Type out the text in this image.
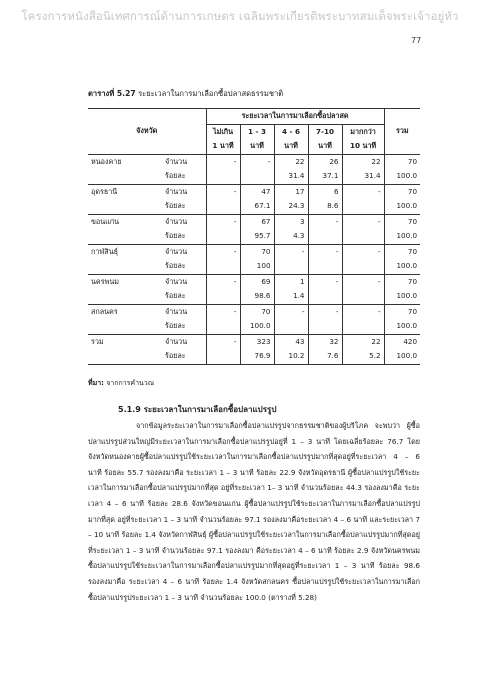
โครงการหนังสือนิเทศการณ์ด้านการเกษตร เฉลิมพระเกียรติพระบาทสมเด็จพระเจ้าอยู่หัว
77
ตารางที่ 5.27 ระยะเวลาในการมาเลือกซื้อปลาสดธรรมชาติ
จังหวัด		ระยะเวลาในการมาเลือกซื้อปลาสด					รวม
		ไม่เกิน	1 - 3	4 - 6	7-10	มากกว่า	
		1 นาที	นาที	นาที	นาที	10 นาที	
หนองคาย	จำนวน	-	-	22	26	22	70
	ร้อยละ			31.4	37.1	31.4	100.0
อุดรธานี	จำนวน	-	47	17	6	-	70
	ร้อยละ		67.1	24.3	8.6		100.0
ขอนแก่น	จำนวน	-	67	3	-	-	70
	ร้อยละ		95.7	4.3			100.0
กาฬสินธุ์	จำนวน	-	70	-	-	-	70
	ร้อยละ		100				100.0
นครพนม	จำนวน	-	69	1	-	-	70
	ร้อยละ		98.6	1.4			100.0
สกลนคร	จำนวน	-	70	-	-	-	70
	ร้อยละ		100.0				100.0
รวม	จำนวน	-	323	43	32	22	420
	ร้อยละ		76.9	10.2	7.6	5.2	100.0
ที่มา: จากการคำนวณ
5.1.9 ระยะเวลาในการมาเลือกซื้อปลาแปรรูป
จากข้อมูลระยะเวลาในการมาเลือกซื้อปลาแปรรูปจากธรรมชาติของผู้บริโภค จะพบว่า ผู้ซื้อปลาแปรรูปส่วนใหญ่มีระยะเวลาในการมาเลือกซื้อปลาแปรรูปอยู่ที่ 1 – 3 นาที โดยเฉลี่ยร้อยละ 76.7 โดยจังหวัดหนองคายผู้ซื้อปลาแปรรูปใช้ระยะเวลาในการมาเลือกซื้อปลาแปรรูปมากที่สุดอยู่ที่ระยะเวลา 4 – 6 นาที ร้อยละ 55.7 รองลงมาคือ ระยะเวลา 1 – 3 นาที ร้อยละ 22.9 จังหวัดอุดรธานี ผู้ซื้อปลาแปรรูปใช้ระยะเวลาในการมาเลือกซื้อปลาแปรรูปมากที่สุด อยู่ที่ระยะเวลา 1– 3 นาที จำนวนร้อยละ 44.3 รองลงมาคือ ระยะเวลา 4 – 6 นาที ร้อยละ 28.6 จังหวัดขอนแก่น ผู้ซื้อปลาแปรรูปใช้ระยะเวลาในการมาเลือกซื้อปลาแปรรูปมากที่สุด อยู่ที่ระยะเวลา 1 – 3 นาที จำนวนร้อยละ 97.1 รองลงมาคือระยะเวลา 4 – 6 นาที และระยะเวลา 7 – 10 นาที ร้อยละ 1.4 จังหวัดกาฬสินธุ์ ผู้ซื้อปลาแปรรูปใช้ระยะเวลาในการมาเลือกซื้อปลาแปรรูปมากที่สุดอยู่ที่ระยะเวลา 1 – 3 นาที จำนวนร้อยละ 97.1 รองลงมา คือระยะเวลา 4 – 6 นาที ร้อยละ 2.9 จังหวัดนครพนม ซื้อปลาแปรรูปใช้ระยะเวลาในการมาเลือกซื้อปลาแปรรูปมากที่สุดอยู่ที่ระยะเวลา 1 – 3 นาที ร้อยละ 98.6 รองลงมาคือ ระยะเวลา 4 – 6 นาที ร้อยละ 1.4 จังหวัดสกลนคร ซื้อปลาแปรรูปใช้ระยะเวลาในการมาเลือกซื้อปลาแปรรูประยะเวลา 1 – 3 นาที จำนวนร้อยละ 100.0 (ตารางที่ 5.28)
